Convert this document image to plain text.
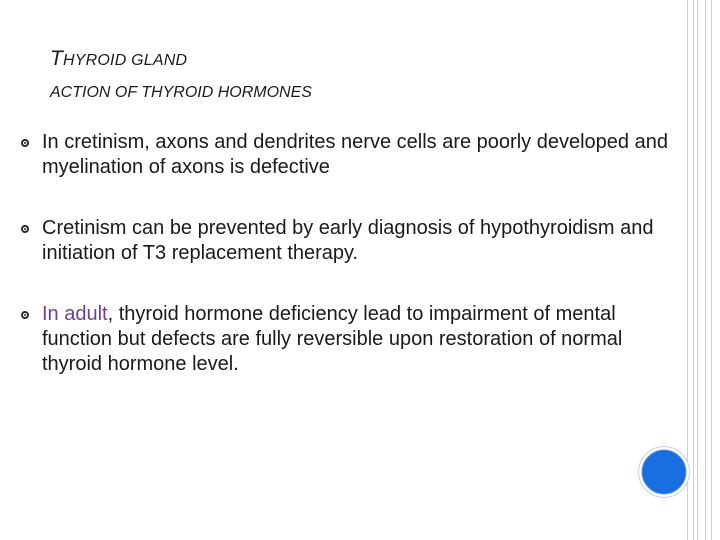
THYROID GLAND
ACTION OF THYROID HORMONES
In cretinism, axons and dendrites nerve cells are poorly developed and myelination of axons is defective
Cretinism can be prevented by early diagnosis of hypothyroidism and initiation of T3 replacement therapy.
In adult, thyroid hormone deficiency lead to impairment of mental function but defects are fully reversible upon restoration of normal thyroid hormone level.
